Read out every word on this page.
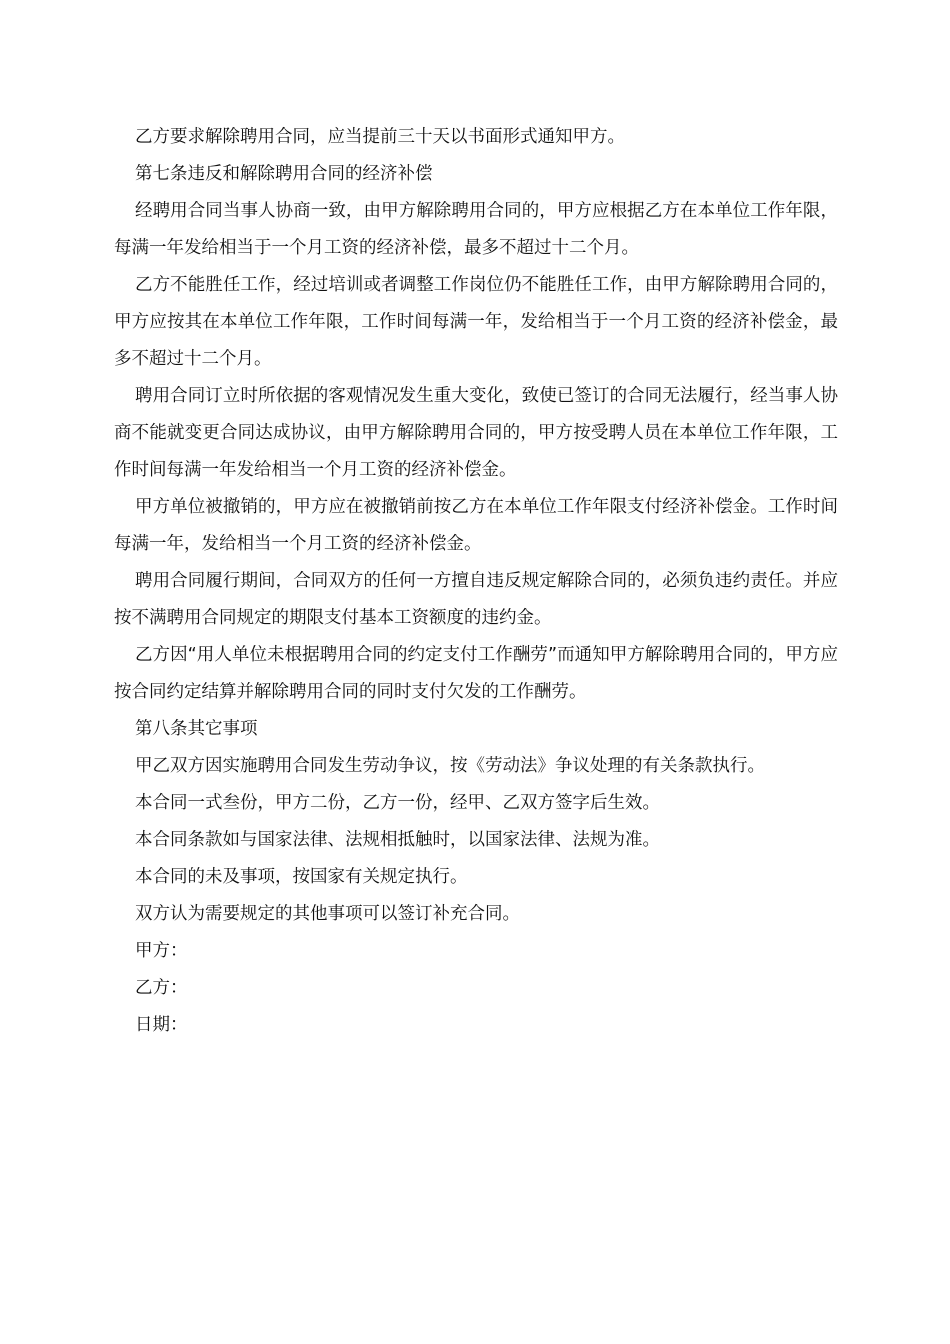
乙方要求解除聘用合同，应当提前三十天以书面形式通知甲方。

第七条违反和解除聘用合同的经济补偿

经聘用合同当事人协商一致，由甲方解除聘用合同的，甲方应根据乙方在本单位工作年限，每满一年发给相当于一个月工资的经济补偿，最多不超过十二个月。

乙方不能胜任工作，经过培训或者调整工作岗位仍不能胜任工作，由甲方解除聘用合同的，甲方应按其在本单位工作年限，工作时间每满一年，发给相当于一个月工资的经济补偿金，最多不超过十二个月。

聘用合同订立时所依据的客观情况发生重大变化，致使已签订的合同无法履行，经当事人协商不能就变更合同达成协议，由甲方解除聘用合同的，甲方按受聘人员在本单位工作年限，工作时间每满一年发给相当一个月工资的经济补偿金。

甲方单位被撤销的，甲方应在被撤销前按乙方在本单位工作年限支付经济补偿金。工作时间每满一年，发给相当一个月工资的经济补偿金。

聘用合同履行期间，合同双方的任何一方擅自违反规定解除合同的，必须负违约责任。并应按不满聘用合同规定的期限支付基本工资额度的违约金。

乙方因“用人单位未根据聘用合同的约定支付工作酬劳”而通知甲方解除聘用合同的，甲方应按合同约定结算并解除聘用合同的同时支付欠发的工作酬劳。

第八条其它事项

甲乙双方因实施聘用合同发生劳动争议，按《劳动法》争议处理的有关条款执行。

本合同一式叁份，甲方二份，乙方一份，经甲、乙双方签字后生效。

本合同条款如与国家法律、法规相抵触时，以国家法律、法规为准。

本合同的未及事项，按国家有关规定执行。

双方认为需要规定的其他事项可以签订补充合同。

甲方：

乙方：

日期：
